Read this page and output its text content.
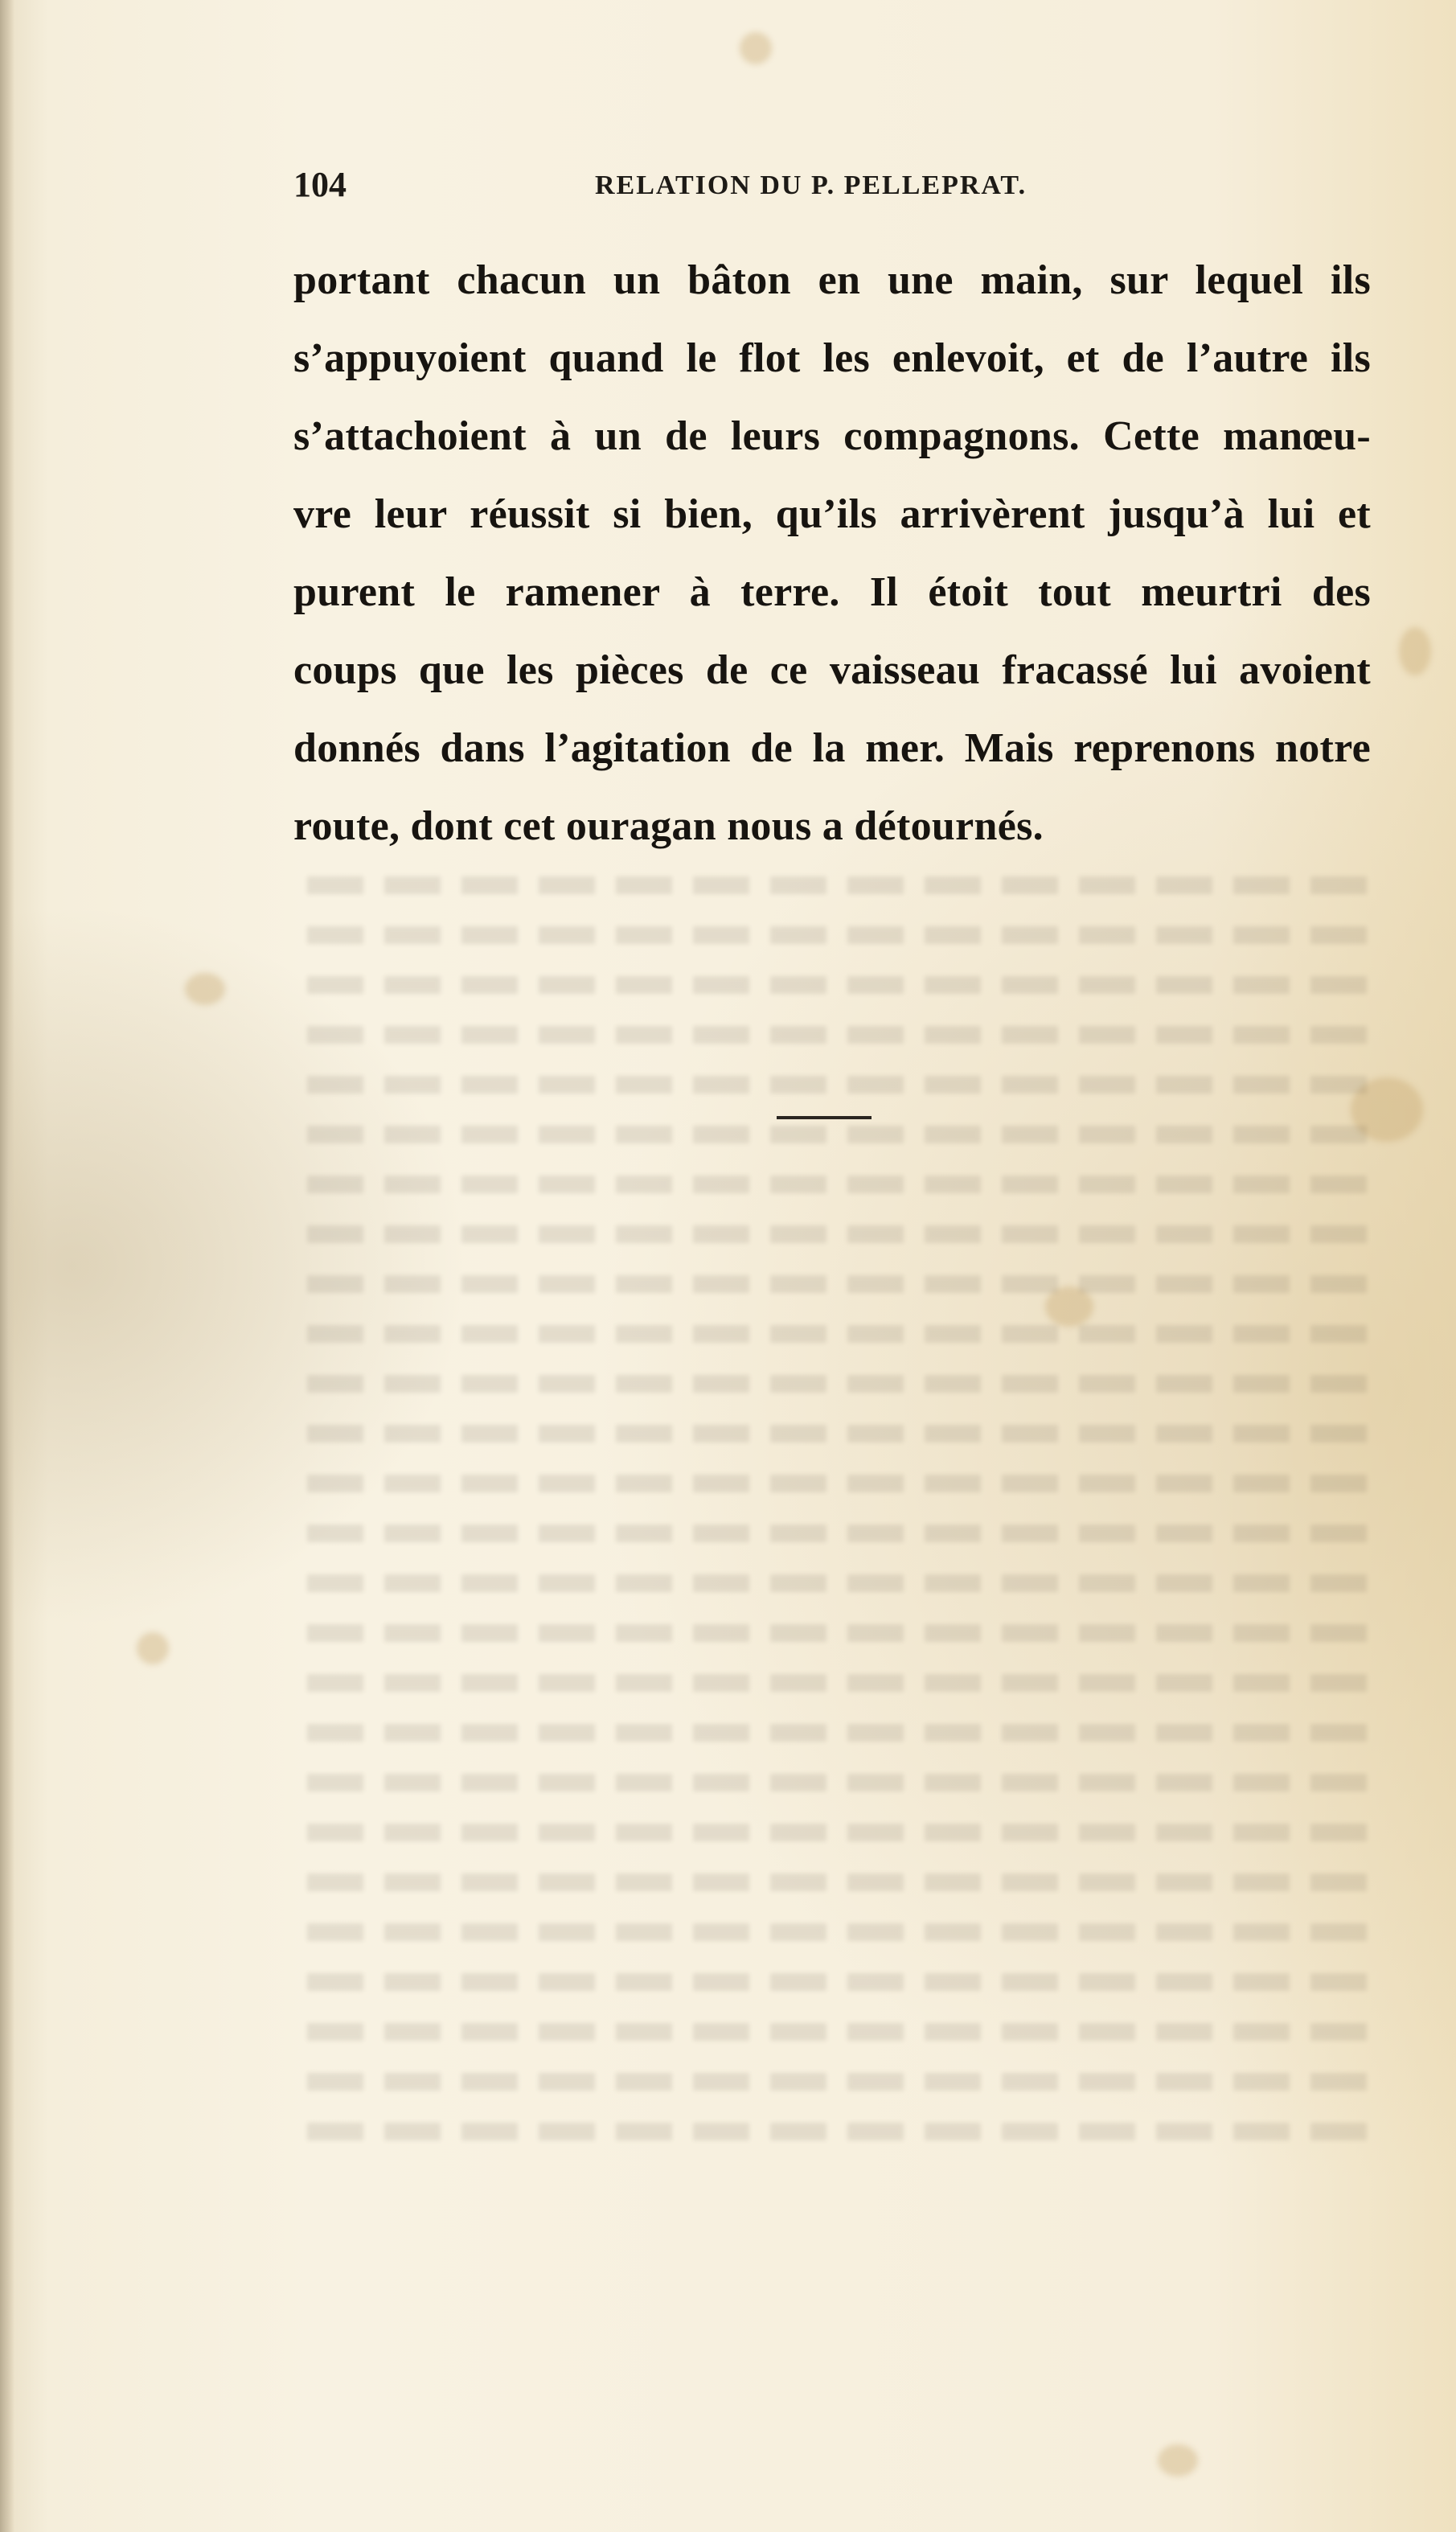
104	RELATION DU P. PELLEPRAT.
portant chacun un bâton en une main, sur lequel ils
s’appuyoient quand le flot les enlevoit, et de l’autre ils
s’attachoient à un de leurs compagnons. Cette manœu-
vre leur réussit si bien, qu’ils arrivèrent jusqu’à lui et
purent le ramener à terre. Il étoit tout meurtri des
coups que les pièces de ce vaisseau fracassé lui avoient
donnés dans l’agitation de la mer. Mais reprenons notre
route, dont cet ouragan nous a détournés.
